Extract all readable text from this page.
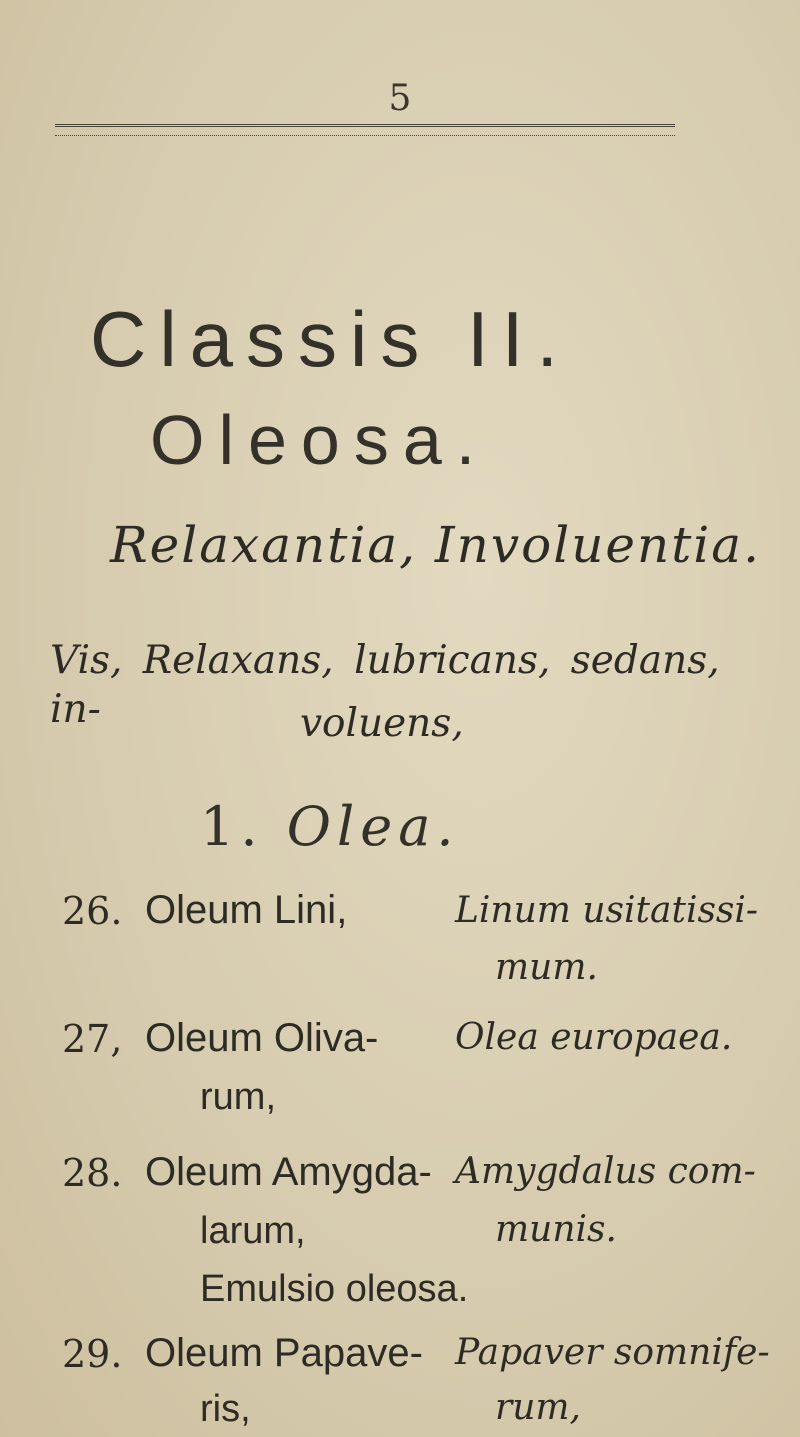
5
Classis II.
Oleosa.
Relaxantia, Involuentia.
Vis, Relaxans, lubricans, sedans, in-	voluens,
1. Olea.
26. Oleum Lini,	Linum usitatissi-
mum.
27, Oleum Oliva-
rum,
Olea europaea.
28. Oleum Amygda-
larum,
Emulsio oleosa.
Amygdalus com-
munis.
29. Oleum Papave-
ris,
Papaver somnife-
rum,
